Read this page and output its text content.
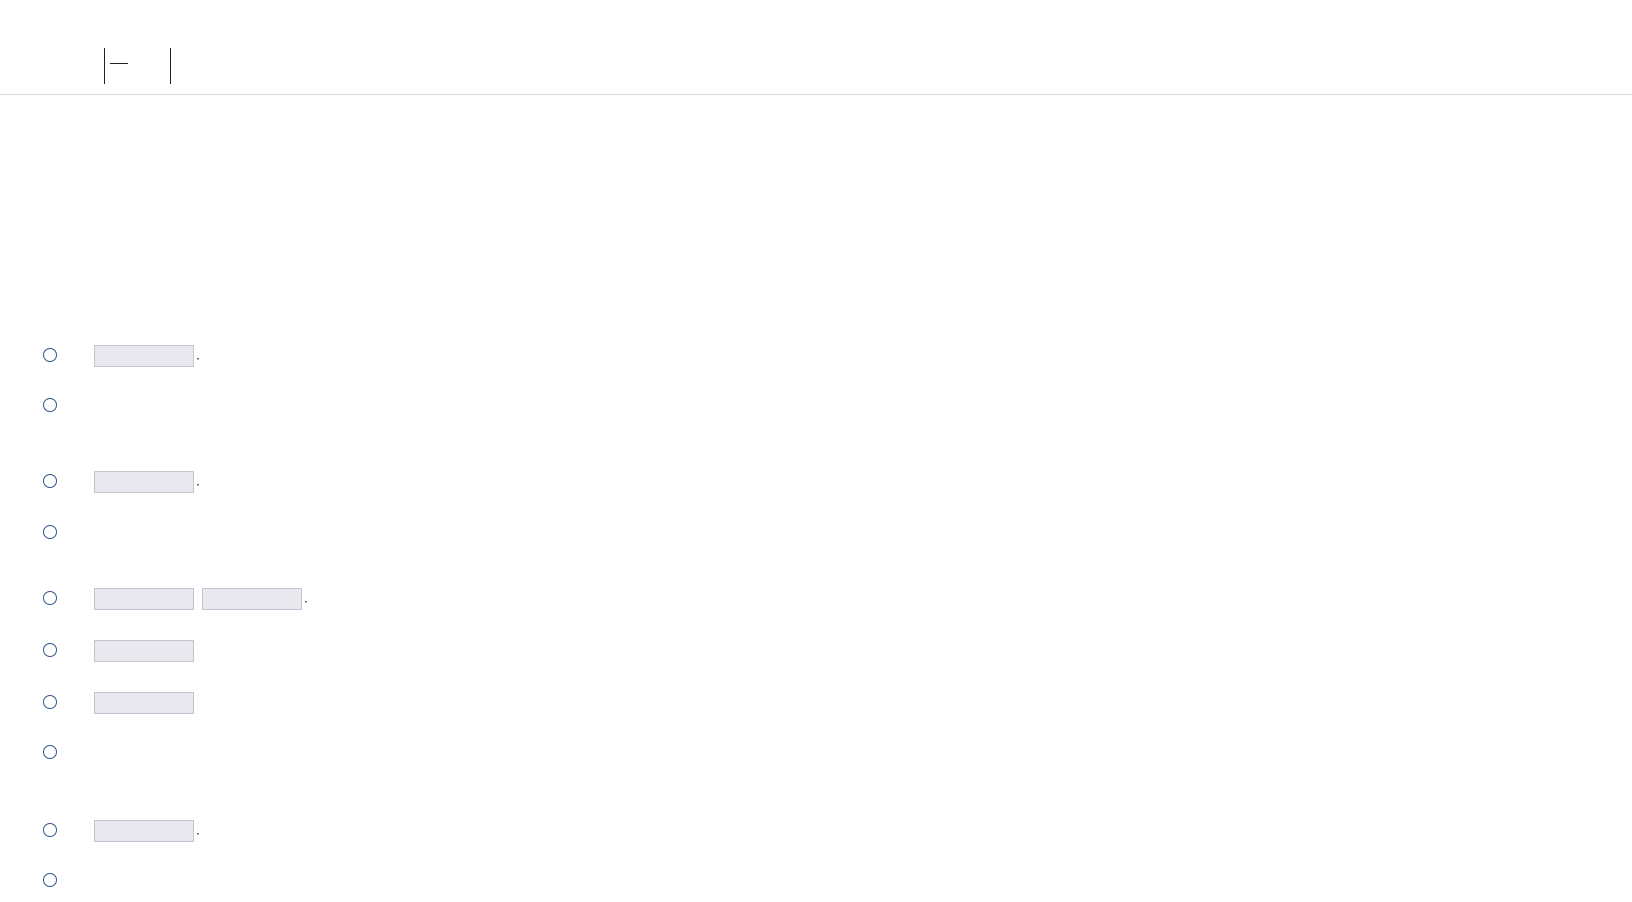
.
.
.
.
